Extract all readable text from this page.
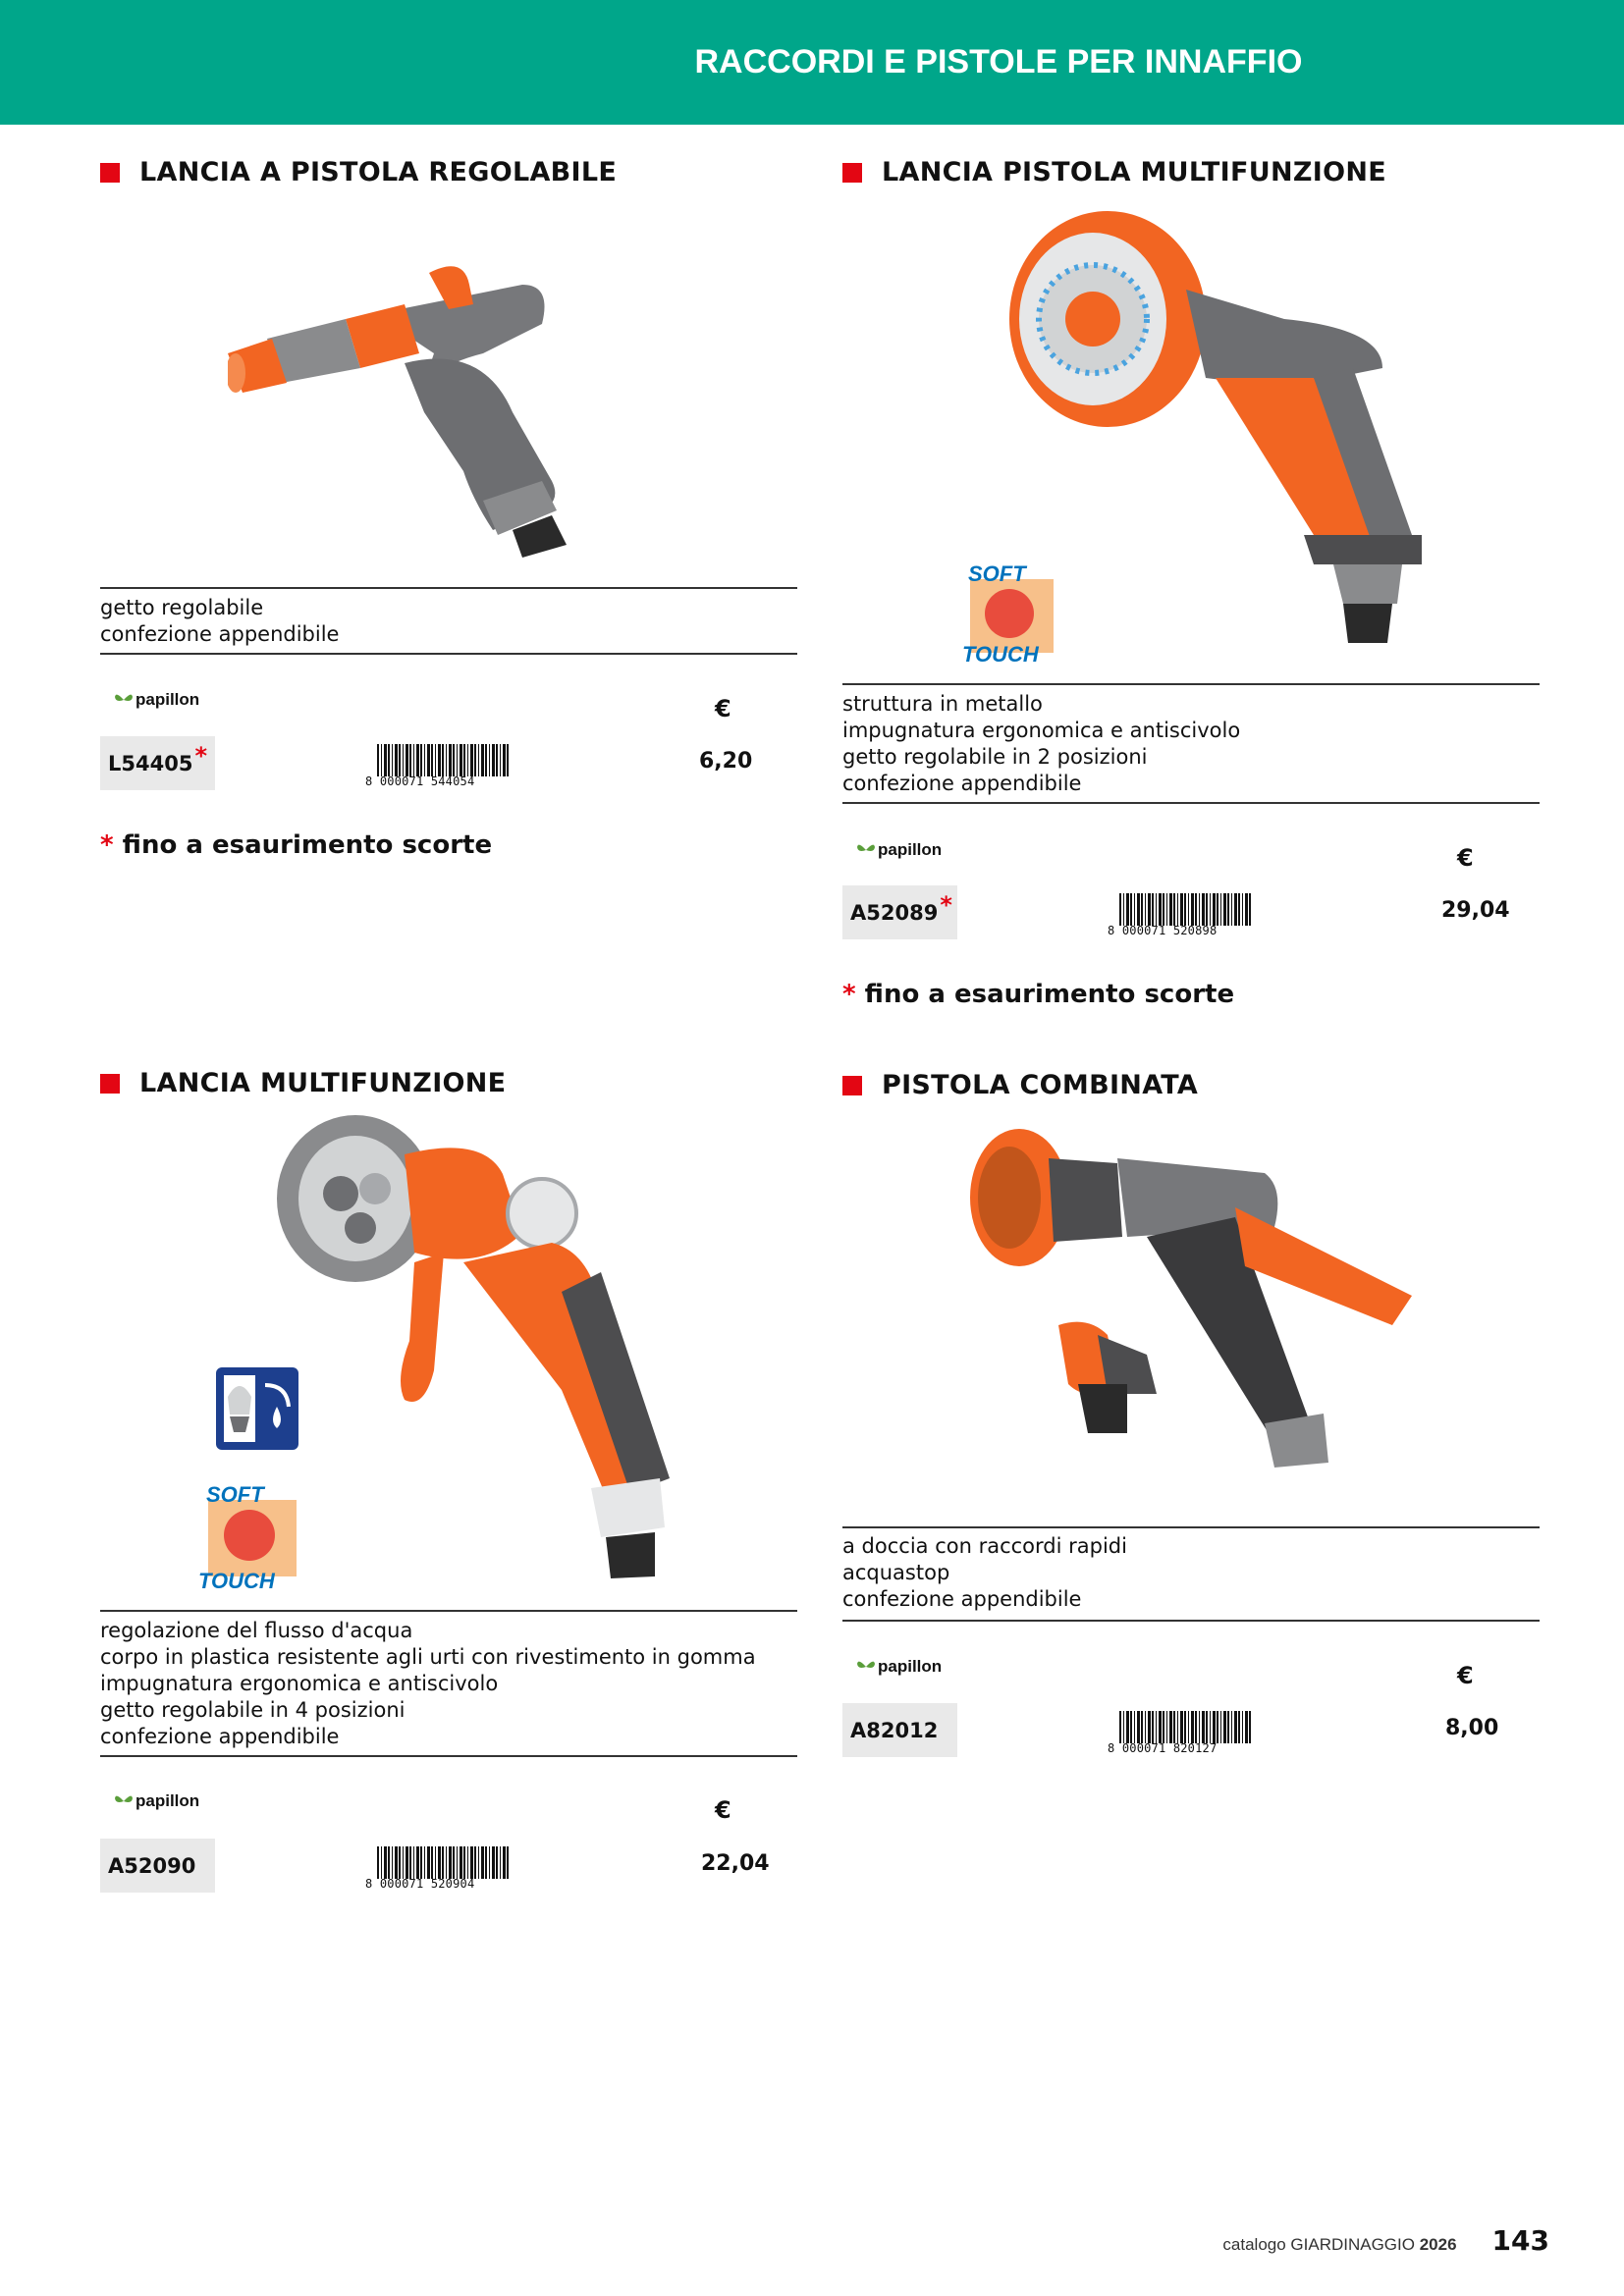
RACCORDI E PISTOLE PER INNAFFIO
LANCIA A PISTOLA REGOLABILE
papillon
getto regolabile
confezione appendibile
papillon	€
L54405 *
8 000071 544054
6,20
* fino a esaurimento scorte
LANCIA PISTOLA MULTIFUNZIONE
SOFT
TOUCH
struttura in metallo
impugnatura ergonomica e antiscivolo
getto regolabile in 2 posizioni
confezione appendibile
papillon	€
A52089 *
8 000071 520898
29,04
* fino a esaurimento scorte
LANCIA MULTIFUNZIONE
SOFT
TOUCH
regolazione del flusso d'acqua
corpo in plastica resistente agli urti con rivestimento in gomma
impugnatura ergonomica e antiscivolo
getto regolabile in 4 posizioni
confezione appendibile
papillon	€
A52090
8 000071 520904
22,04
PISTOLA COMBINATA
a doccia con raccordi rapidi
acquastop
confezione appendibile
papillon	€
A82012
8 000071 820127
8,00
catalogo GIARDINAGGIO 2026 143
